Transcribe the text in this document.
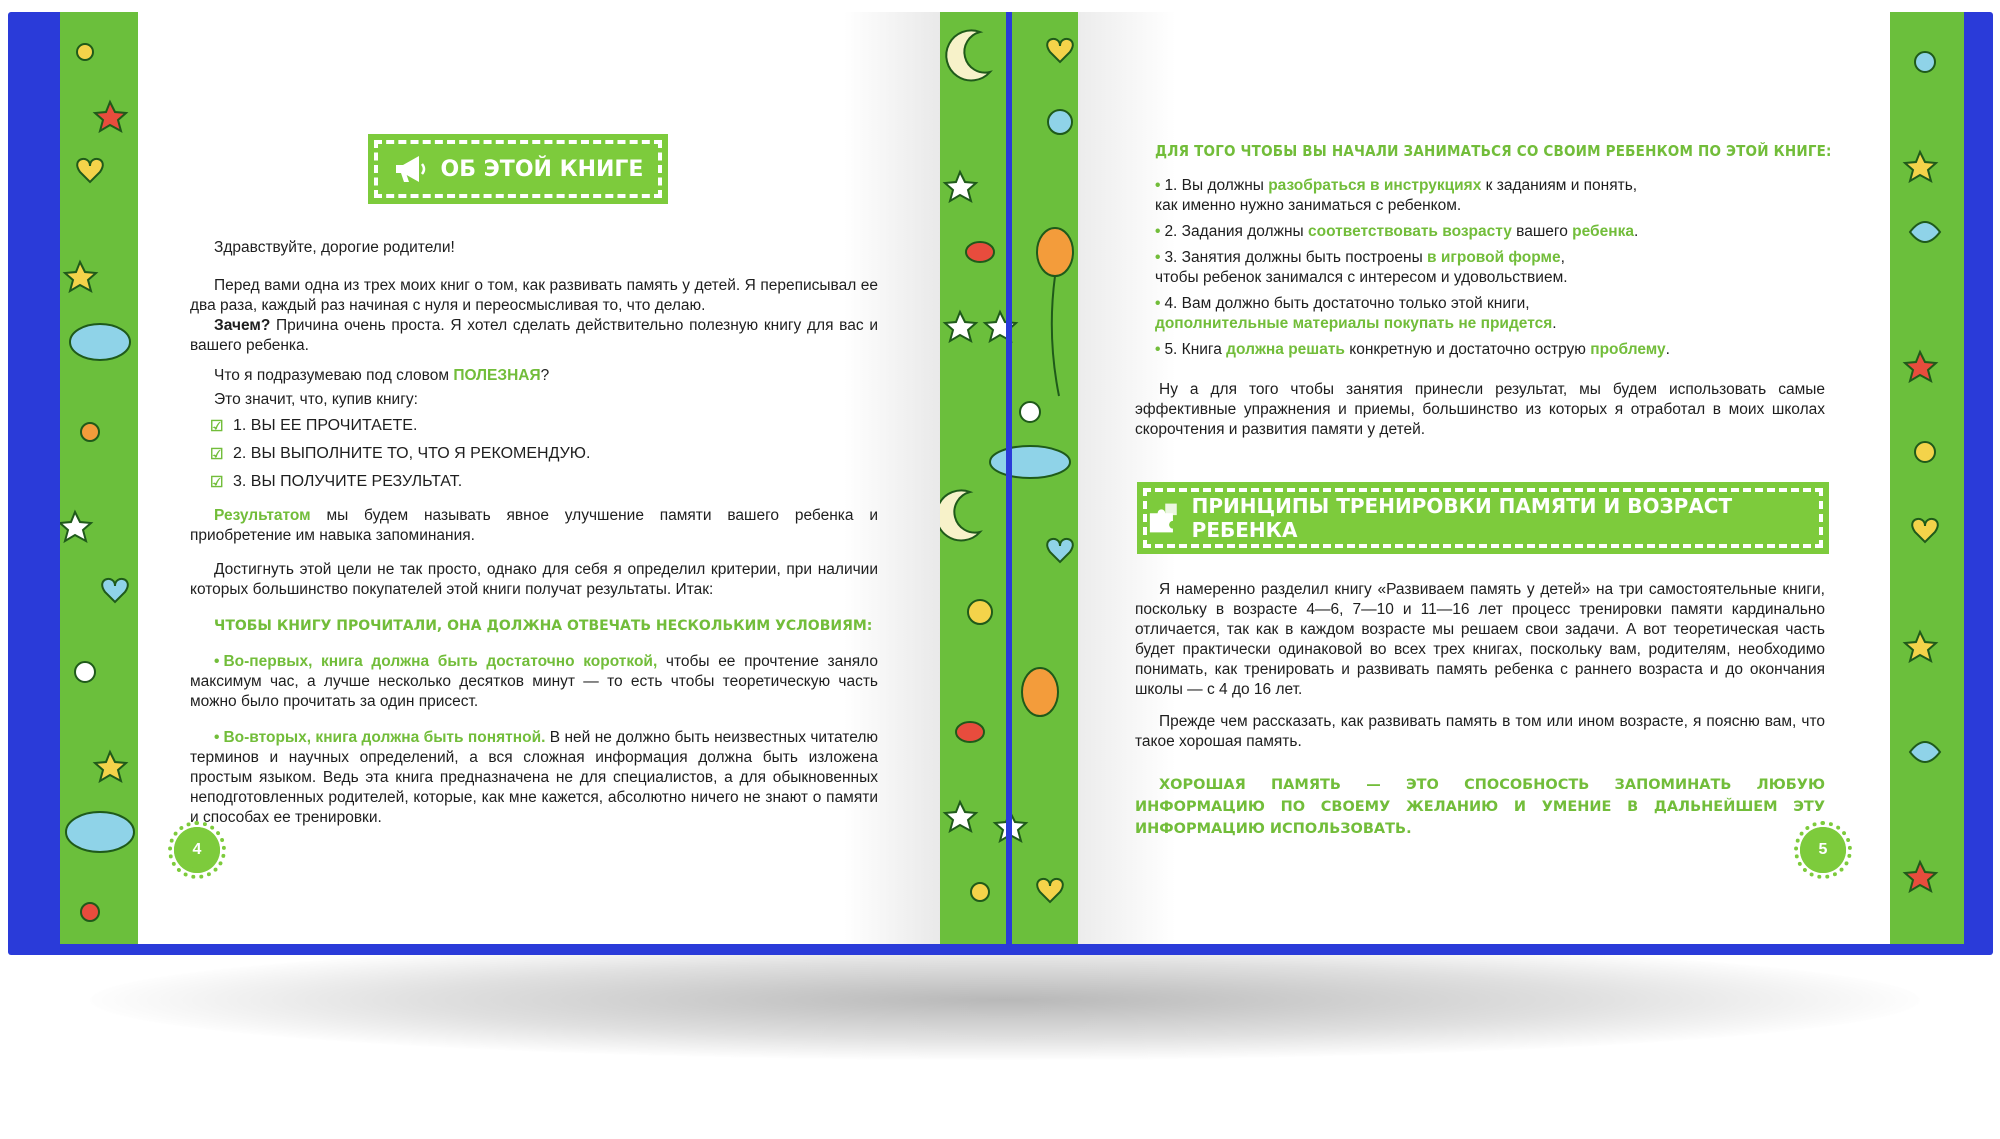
ОБ ЭТОЙ КНИГЕ

Здравствуйте, дорогие родители!

Перед вами одна из трех моих книг о том, как развивать память у детей. Я переписывал ее два раза, каждый раз начиная с нуля и переосмысливая то, что делаю.

Зачем? Причина очень проста. Я хотел сделать действительно полезную книгу для вас и вашего ребенка.

Что я подразумеваю под словом ПОЛЕЗНАЯ?

Это значит, что, купив книгу:

☑ 1. ВЫ ЕЕ ПРОЧИТАЕТЕ.
☑ 2. ВЫ ВЫПОЛНИТЕ ТО, ЧТО Я РЕКОМЕНДУЮ.
☑ 3. ВЫ ПОЛУЧИТЕ РЕЗУЛЬТАТ.

Результатом мы будем называть явное улучшение памяти вашего ребенка и приобретение им навыка запоминания.

Достигнуть этой цели не так просто, однако для себя я определил критерии, при наличии которых большинство покупателей этой книги получат результаты. Итак:

ЧТОБЫ КНИГУ ПРОЧИТАЛИ, ОНА ДОЛЖНА ОТВЕЧАТЬ НЕСКОЛЬКИМ УСЛОВИЯМ:

• Во-первых, книга должна быть достаточно короткой, чтобы ее прочтение заняло максимум час, а лучше несколько десятков минут — то есть чтобы теоретическую часть можно было прочитать за один присест.

• Во-вторых, книга должна быть понятной. В ней не должно быть неизвестных читателю терминов и научных определений, а вся сложная информация должна быть изложена простым языком. Ведь эта книга предназначена не для специалистов, а для обыкновенных неподготовленных родителей, которые, как мне кажется, абсолютно ничего не знают о памяти и способах ее тренировки.

4
ДЛЯ ТОГО ЧТОБЫ ВЫ НАЧАЛИ ЗАНИМАТЬСЯ СО СВОИМ РЕБЕНКОМ ПО ЭТОЙ КНИГЕ:

• 1. Вы должны разобраться в инструкциях к заданиям и понять,
как именно нужно заниматься с ребенком.

• 2. Задания должны соответствовать возрасту вашего ребенка.

• 3. Занятия должны быть построены в игровой форме,
чтобы ребенок занимался с интересом и удовольствием.

• 4. Вам должно быть достаточно только этой книги,
дополнительные материалы покупать не придется.

• 5. Книга должна решать конкретную и достаточно острую проблему.

Ну а для того чтобы занятия принесли результат, мы будем использовать самые эффективные упражнения и приемы, большинство из которых я отработал в моих школах скорочтения и развития памяти у детей.

ПРИНЦИПЫ ТРЕНИРОВКИ ПАМЯТИ И ВОЗРАСТ РЕБЕНКА

Я намеренно разделил книгу «Развиваем память у детей» на три самостоятельные книги, поскольку в возрасте 4—6, 7—10 и 11—16 лет процесс тренировки памяти кардинально отличается, так как в каждом возрасте мы решаем свои задачи. А вот теоретическая часть будет практически одинаковой во всех трех книгах, поскольку вам, родителям, необходимо понимать, как тренировать и развивать память ребенка с раннего возраста и до окончания школы — с 4 до 16 лет.

Прежде чем рассказать, как развивать память в том или ином возрасте, я поясню вам, что такое хорошая память.

ХОРОШАЯ ПАМЯТЬ — ЭТО СПОСОБНОСТЬ ЗАПОМИНАТЬ ЛЮБУЮ ИНФОРМАЦИЮ ПО СВОЕМУ ЖЕЛАНИЮ И УМЕНИЕ В ДАЛЬНЕЙШЕМ ЭТУ ИНФОРМАЦИЮ ИСПОЛЬЗОВАТЬ.

5
